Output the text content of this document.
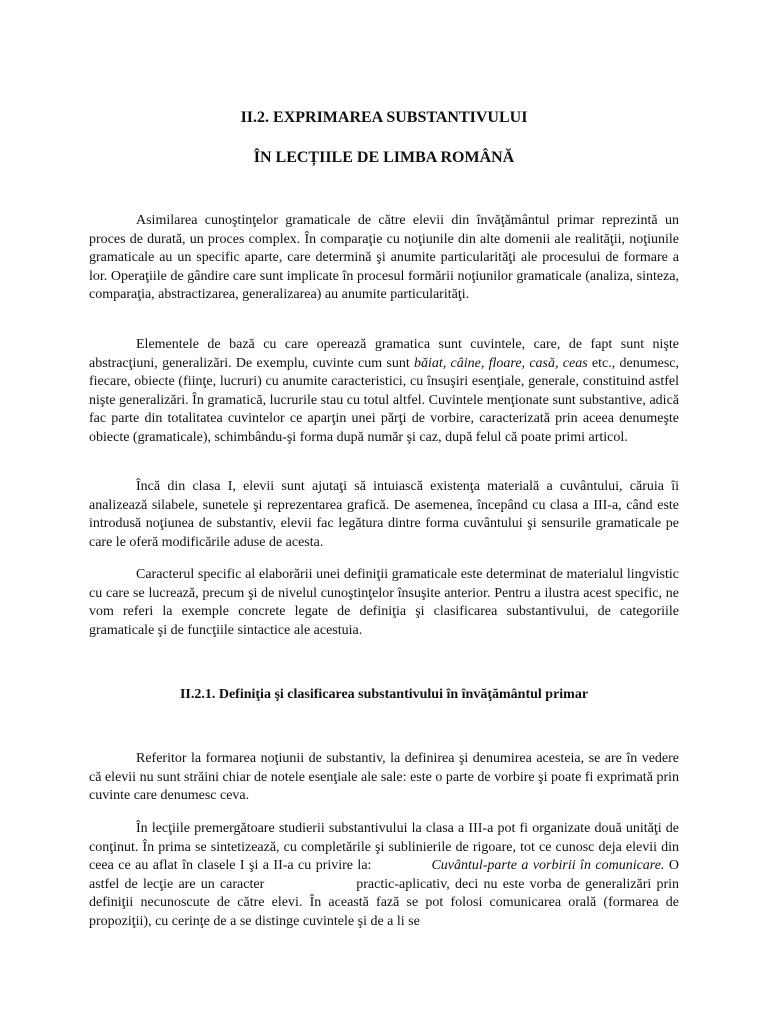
II.2. EXPRIMAREA SUBSTANTIVULUI
ÎN LECȚIILE DE LIMBA ROMÂNĂ

Asimilarea cunoştinţelor gramaticale de către elevii din învăţământul primar reprezintă un proces de durată, un proces complex. În comparaţie cu noţiunile din alte domenii ale realităţii, noţiunile gramaticale au un specific aparte, care determină şi anumite particularităţi ale procesului de formare a lor. Operaţiile de gândire care sunt implicate în procesul formării noţiunilor gramaticale (analiza, sinteza, comparaţia, abstractizarea, generalizarea) au anumite particularităţi.

Elementele de bază cu care operează gramatica sunt cuvintele, care, de fapt sunt nişte abstracţiuni, generalizări. De exemplu, cuvinte cum sunt băiat, câine, floare, casă, ceas etc., denumesc, fiecare, obiecte (fiinţe, lucruri) cu anumite caracteristici, cu însuşiri esenţiale, generale, constituind astfel nişte generalizări. În gramatică, lucrurile stau cu totul altfel. Cuvintele menţionate sunt substantive, adică fac parte din totalitatea cuvintelor ce aparţin unei părţi de vorbire, caracterizată prin aceea denumeşte obiecte (gramaticale), schimbându-şi forma după număr şi caz, după felul că poate primi articol.

Încă din clasa I, elevii sunt ajutaţi să intuiască existenţa materială a cuvântului, căruia îi analizează silabele, sunetele şi reprezentarea grafică. De asemenea, începând cu clasa a III-a, când este introdusă noţiunea de substantiv, elevii fac legătura dintre forma cuvântului şi sensurile gramaticale pe care le oferă modificările aduse de acesta.

Caracterul specific al elaborării unei definiţii gramaticale este determinat de materialul lingvistic cu care se lucrează, precum şi de nivelul cunoştinţelor însuşite anterior. Pentru a ilustra acest specific, ne vom referi la exemple concrete legate de definiţia şi clasificarea substantivului, de categoriile gramaticale şi de funcţiile sintactice ale acestuia.

II.2.1. Definiţia şi clasificarea substantivului în învăţământul primar

Referitor la formarea noţiunii de substantiv, la definirea şi denumirea acesteia, se are în vedere că elevii nu sunt străini chiar de notele esenţiale ale sale: este o parte de vorbire şi poate fi exprimată prin cuvinte care denumesc ceva.

În lecţiile premergătoare studierii substantivului la clasa a III-a pot fi organizate două unităţi de conţinut. În prima se sintetizează, cu completările şi sublinierile de rigoare, tot ce cunosc deja elevii din ceea ce au aflat în clasele I şi a II-a cu privire la:	Cuvântul-parte a vorbirii în comunicare. O astfel de lecţie are un caracter	practic-aplicativ, deci nu este vorba de generalizări prin definiţii necunoscute de către elevi. În această fază se pot folosi comunicarea orală (formarea de propoziţii), cu cerinţe de a se distinge cuvintele şi de a li se
